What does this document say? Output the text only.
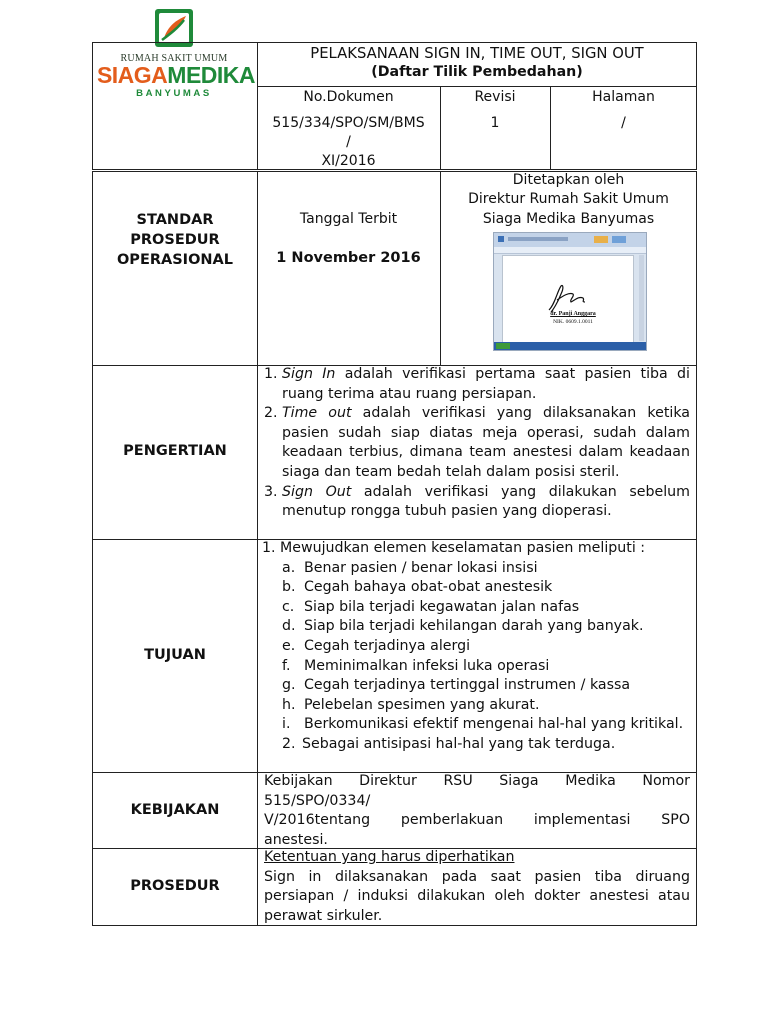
RUMAH SAKIT UMUM
SIAGAMEDIKA
BANYUMAS
PELAKSANAAN SIGN IN, TIME OUT, SIGN OUT
(Daftar Tilik Pembedahan)
No.Dokumen
515/334/SPO/SM/BMS
/
XI/2016
Revisi
1
Halaman
/
STANDAR
PROSEDUR
OPERASIONAL
Tanggal Terbit
1 November 2016
Ditetapkan oleh
Direktur Rumah Sakit Umum
Siaga Medika Banyumas
dr. Panji Anggara
NIK. 0609.1.0011
PENGERTIAN
1. Sign In adalah verifikasi pertama saat pasien tiba di ruang terima atau ruang persiapan.
2. Time out adalah verifikasi yang dilaksanakan ketika pasien sudah siap diatas meja operasi, sudah dalam keadaan terbius, dimana team anestesi dalam keadaan siaga dan team bedah telah dalam posisi steril.
3. Sign Out adalah verifikasi yang dilakukan sebelum menutup rongga tubuh pasien yang dioperasi.
TUJUAN
1. Mewujudkan elemen keselamatan pasien meliputi :
a. Benar pasien / benar lokasi insisi
b. Cegah bahaya obat-obat anestesik
c. Siap bila terjadi kegawatan jalan nafas
d. Siap bila terjadi kehilangan darah yang banyak.
e. Cegah terjadinya alergi
f. Meminimalkan infeksi luka operasi
g. Cegah terjadinya tertinggal instrumen / kassa
h. Pelebelan spesimen yang akurat.
i. Berkomunikasi efektif mengenai hal-hal yang kritikal.
2. Sebagai antisipasi hal-hal yang tak terduga.
KEBIJAKAN
Kebijakan Direktur RSU Siaga Medika Nomor
515/SPO/0334/
V/2016tentang pemberlakuan implementasi SPO
anestesi.
PROSEDUR
Ketentuan yang harus diperhatikan
Sign in dilaksanakan pada saat pasien tiba diruang persiapan / induksi dilakukan oleh dokter anestesi atau perawat sirkuler.
